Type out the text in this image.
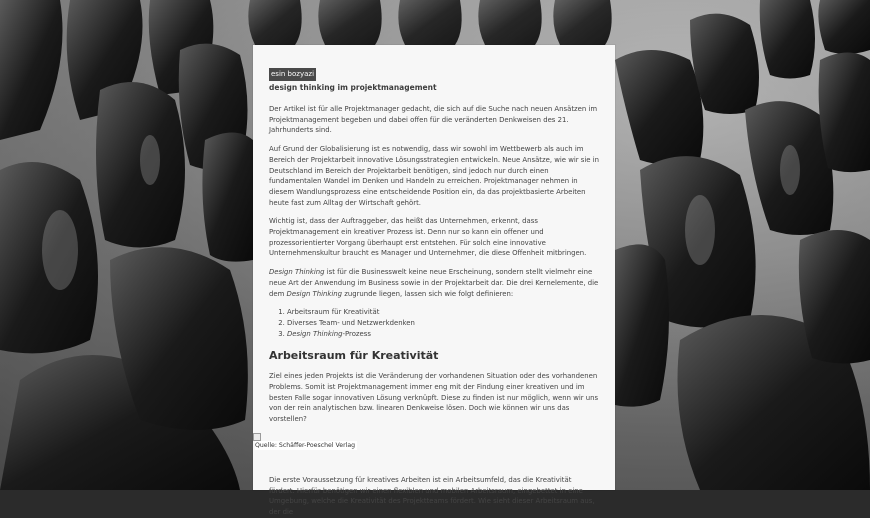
esin bozyazi
design thinking im projektmanagement

Der Artikel ist für alle Projektmanager gedacht, die sich auf die Suche nach neuen Ansätzen im Projektmanagement begeben und dabei offen für die veränderten Denkweisen des 21. Jahrhunderts sind.

Auf Grund der Globalisierung ist es notwendig, dass wir sowohl im Wettbewerb als auch im Bereich der Projektarbeit innovative Lösungsstrategien entwickeln. Neue Ansätze, wie wir sie in Deutschland im Bereich der Projektarbeit benötigen, sind jedoch nur durch einen fundamentalen Wandel im Denken und Handeln zu erreichen. Projektmanager nehmen in diesem Wandlungsprozess eine entscheidende Position ein, da das projektbasierte Arbeiten heute fast zum Alltag der Wirtschaft gehört.

Wichtig ist, dass der Auftraggeber, das heißt das Unternehmen, erkennt, dass Projektmanagement ein kreativer Prozess ist. Denn nur so kann ein offener und prozessorientierter Vorgang überhaupt erst entstehen. Für solch eine innovative Unternehmenskultur braucht es Manager und Unternehmer, die diese Offenheit mitbringen.

Design Thinking ist für die Businesswelt keine neue Erscheinung, sondern stellt vielmehr eine neue Art der Anwendung im Business sowie in der Projektarbeit dar. Die drei Kernelemente, die dem Design Thinking zugrunde liegen, lassen sich wie folgt definieren:

1. Arbeitsraum für Kreativität
2. Diverses Team- und Netzwerkdenken
3. Design Thinking-Prozess
Arbeitsraum für Kreativität

Ziel eines jeden Projekts ist die Veränderung der vorhandenen Situation oder des vorhandenen Problems. Somit ist Projektmanagement immer eng mit der Findung einer kreativen und im besten Falle sogar innovativen Lösung verknüpft. Diese zu finden ist nur möglich, wenn wir uns von der rein analytischen bzw. linearen Denkweise lösen. Doch wie können wir uns das vorstellen?

Quelle: Schäffer-Poeschel Verlag

Die erste Voraussetzung für kreatives Arbeiten ist ein Arbeitsumfeld, das die Kreativität fördert. Hierfür benötigen wir einen flexiblen und mobilen Arbeitsraum, eingebettet in eine Umgebung, welche die Kreativität des Projektteams fördert. Wie sieht dieser Arbeitsraum aus, der die
